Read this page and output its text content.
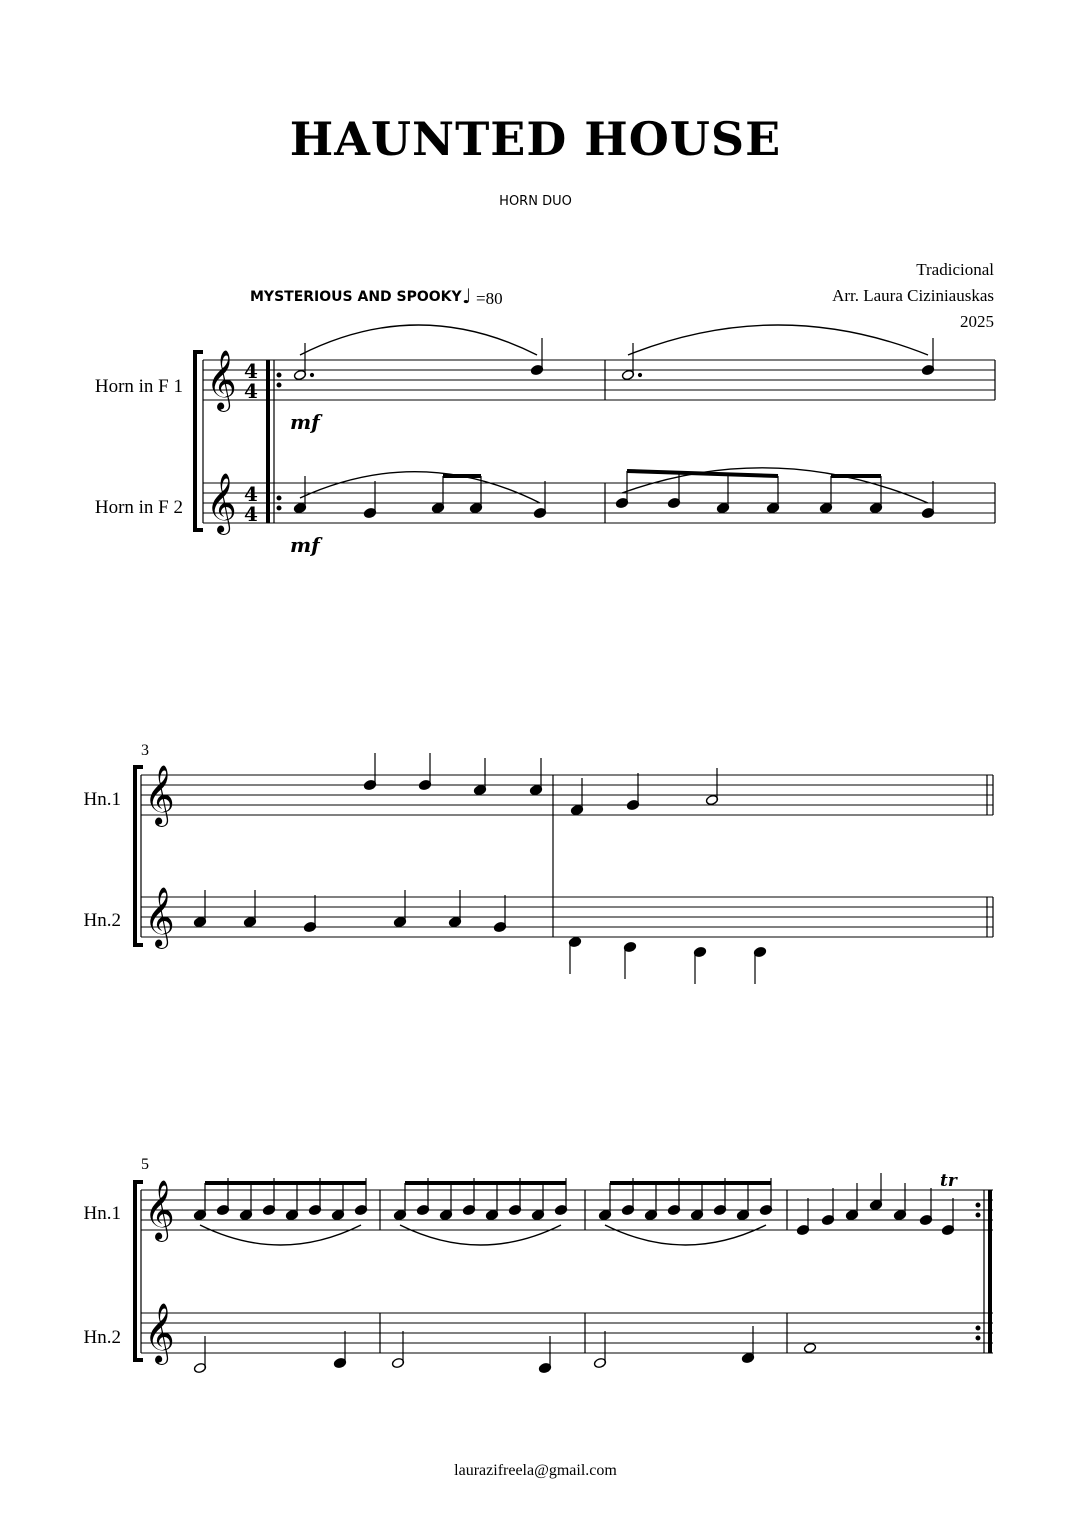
HAUNTED HOUSE
HORN DUO
Tradicional
Arr. Laura Ciziniauskas
2025
MYSTERIOUS AND SPOOKY ♩ =80
Horn in F 1
Horn in F 2
Hn.1
Hn.2
Hn.1
Hn.2
3
5
mf
mf
tr
𝄞
𝄞
4
4
4
4
𝄞
𝄞
𝄞
𝄞
laurazifreela@gmail.com
